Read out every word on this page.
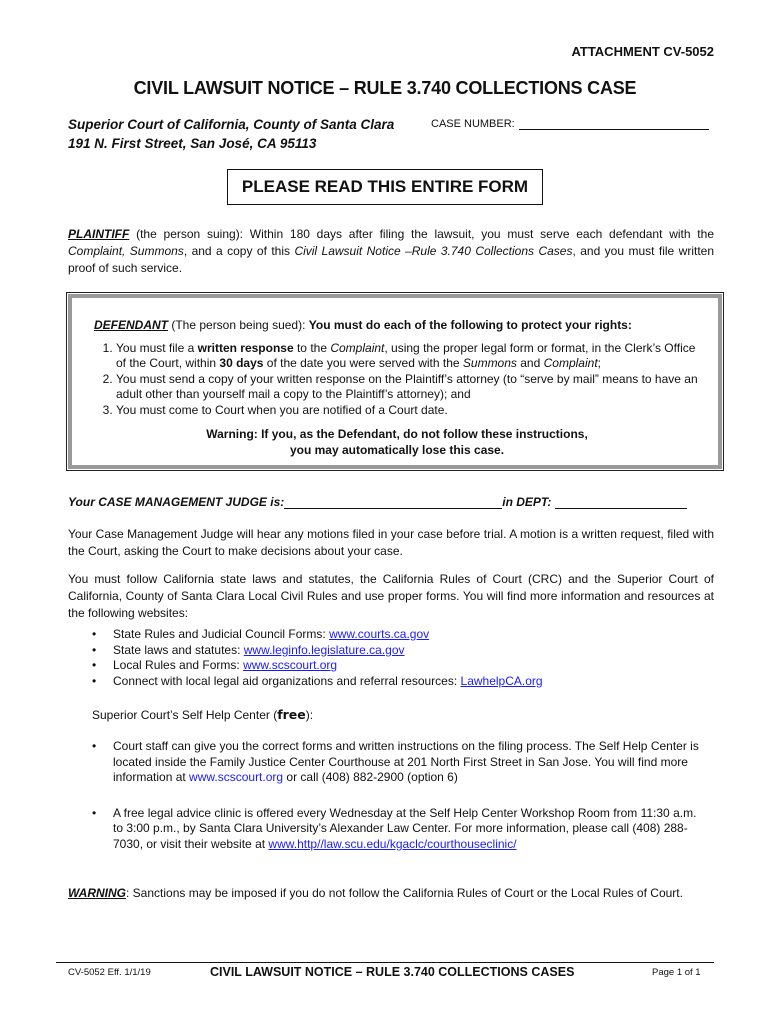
ATTACHMENT CV-5052
CIVIL LAWSUIT NOTICE – RULE 3.740 COLLECTIONS CASE
Superior Court of California, County of Santa Clara
191 N. First Street, San José, CA 95113
CASE NUMBER:
PLEASE READ THIS ENTIRE FORM
PLAINTIFF (the person suing): Within 180 days after filing the lawsuit, you must serve each defendant with the Complaint, Summons, and a copy of this Civil Lawsuit Notice –Rule 3.740 Collections Cases, and you must file written proof of such service.
DEFENDANT (The person being sued): You must do each of the following to protect your rights:
1. You must file a written response to the Complaint, using the proper legal form or format, in the Clerk’s Office of the Court, within 30 days of the date you were served with the Summons and Complaint;
2. You must send a copy of your written response on the Plaintiff’s attorney (to “serve by mail” means to have an adult other than yourself mail a copy to the Plaintiff’s attorney); and
3. You must come to Court when you are notified of a Court date.
Warning: If you, as the Defendant, do not follow these instructions,
you may automatically lose this case.
Your CASE MANAGEMENT JUDGE is:	in DEPT:
Your Case Management Judge will hear any motions filed in your case before trial. A motion is a written request, filed with the Court, asking the Court to make decisions about your case.
You must follow California state laws and statutes, the California Rules of Court (CRC) and the Superior Court of California, County of Santa Clara Local Civil Rules and use proper forms. You will find more information and resources at the following websites:
• State Rules and Judicial Council Forms: www.courts.ca.gov
• State laws and statutes: www.leginfo.legislature.ca.gov
• Local Rules and Forms: www.scscourt.org
• Connect with local legal aid organizations and referral resources: LawhelpCA.org
Superior Court’s Self Help Center (free):
• Court staff can give you the correct forms and written instructions on the filing process. The Self Help Center is located inside the Family Justice Center Courthouse at 201 North First Street in San Jose. You will find more information at www.scscourt.org or call (408) 882-2900 (option 6)
• A free legal advice clinic is offered every Wednesday at the Self Help Center Workshop Room from 11:30 a.m. to 3:00 p.m., by Santa Clara University’s Alexander Law Center. For more information, please call (408) 288-7030, or visit their website at www.http//law.scu.edu/kgaclc/courthouseclinic/
WARNING: Sanctions may be imposed if you do not follow the California Rules of Court or the Local Rules of Court.
CV-5052 Eff. 1/1/19	CIVIL LAWSUIT NOTICE – RULE 3.740 COLLECTIONS CASES	Page 1 of 1
